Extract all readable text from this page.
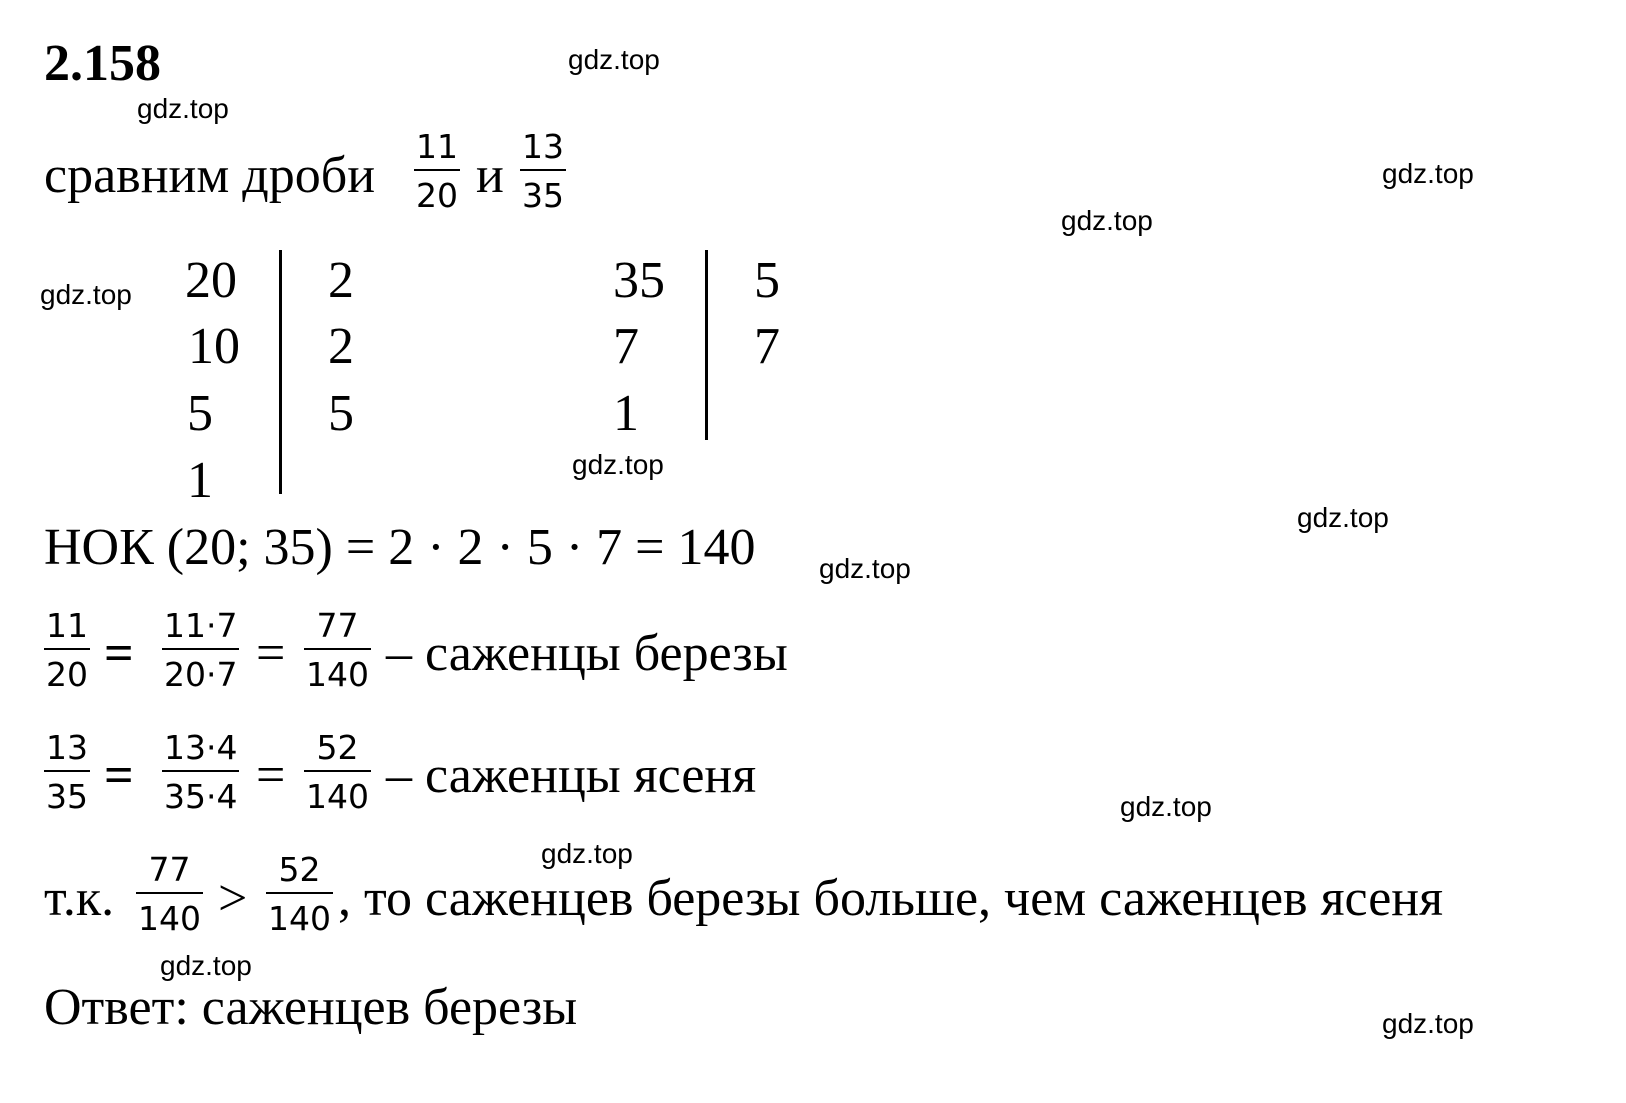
2.158	gdz.top
gdz.top
gdz.top
gdz.top
gdz.top
gdz.top
gdz.top
gdz.top
gdz.top
gdz.top
gdz.top
gdz.top
сравним дроби
11
20 и
13
35
20
10
5
1
2
2
5
35
7
1
5
7
НОК (20; 35) = 2 · 2 · 5 · 7 = 140
11
20 = 11·7
20·7 = 77
140 – саженцы березы
13
35 = 13·4
35·4 = 52
140 – саженцы ясеня
т.к.
77
140 >
52
140 , то саженцев березы больше, чем саженцев ясеня
Ответ: саженцев березы
